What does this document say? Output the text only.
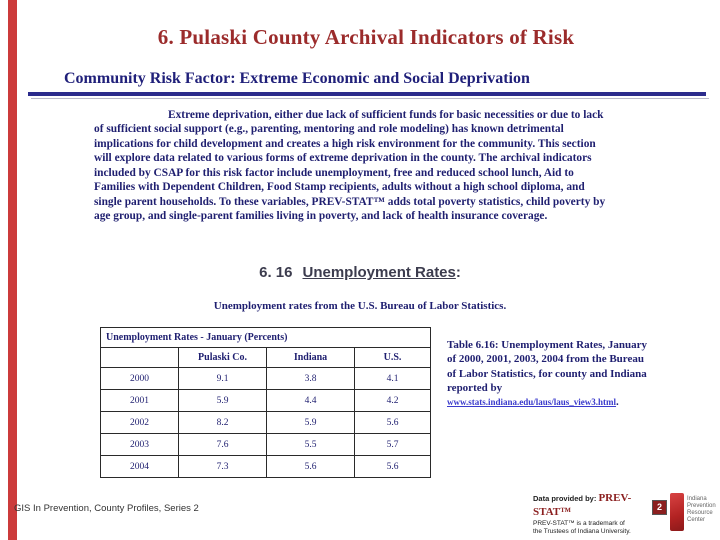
6. Pulaski County Archival Indicators of Risk
Community Risk Factor: Extreme Economic and Social Deprivation
Extreme deprivation, either due lack of sufficient funds for basic necessities or due to lack of sufficient social support (e.g., parenting, mentoring and role modeling) has known detrimental implications for child development and creates a high risk environment for the community. This section will explore data related to various forms of extreme deprivation in the county. The archival indicators included by CSAP for this risk factor include unemployment, free and reduced school lunch, Aid to Families with Dependent Children, Food Stamp recipients, adults without a high school diploma, and single parent households. To these variables, PREV-STAT™ adds total poverty statistics, child poverty by age group, and single-parent families living in poverty, and lack of health insurance coverage.
6. 16 Unemployment Rates:
Unemployment rates from the U.S. Bureau of Labor Statistics.
Unemployment Rates - January (Percents)			
	Pulaski Co.	Indiana	U.S.
2000	9.1	3.8	4.1
2001	5.9	4.4	4.2
2002	8.2	5.9	5.6
2003	7.6	5.5	5.7
2004	7.3	5.6	5.6
Table 6.16: Unemployment Rates, January of 2000, 2001, 2003, 2004 from the Bureau of Labor Statistics, for county and Indiana reported by www.stats.indiana.edu/laus/laus_view3.html.
GIS In Prevention, County Profiles, Series 2
Data provided by: PREV-STAT™
PREV-STAT™ is a trademark of
the Trustees of Indiana University.
2
Indiana
Prevention
Resource Center
